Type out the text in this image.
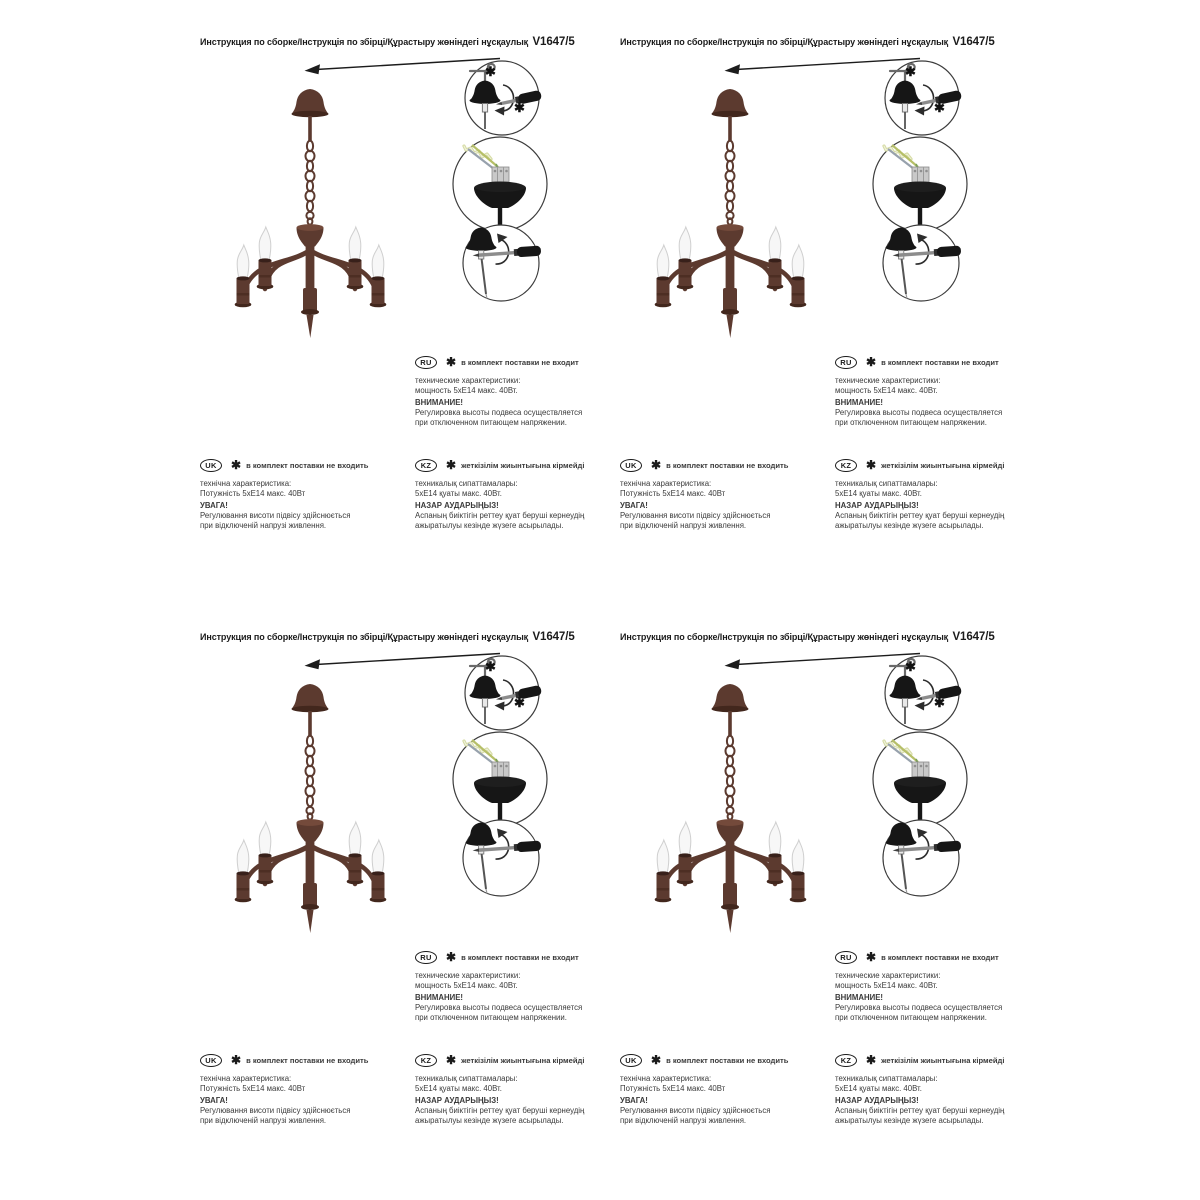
Инструкция по сборке/Інструкція по збірці/Құрастыру жөніндегі нұсқаулық V1647/5
✱
✱
RU	✱ в комплект поставки не входит

технические характеристики:

мощность 5хЕ14 макс. 40Вт.

ВНИМАНИЕ!

Регулировка высоты подвеса осуществляется

при отключенном питающем напряжении.

UK	✱ в комплект поставки не входить

технічна характеристика:

Потужність 5хЕ14 макс. 40Вт

УВАГА!

Регулювання висоти підвісу здійснюється

при відключеній напрузі живлення.

KZ	✱ жеткізілім жиынтығына кірмейді

техникалық сипаттамалары:

5хЕ14 қуаты макс. 40Вт.

НАЗАР АУДАРЫҢЫЗ!

Аспаның биіктігін реттеу қуат беруші кернеудің

ажыратылуы кезінде жүзеге асырылады.

Инструкция по сборке/Інструкція по збірці/Құрастыру жөніндегі нұсқаулық V1647/5
✱
✱
RU	✱ в комплект поставки не входит

технические характеристики:

мощность 5хЕ14 макс. 40Вт.

ВНИМАНИЕ!

Регулировка высоты подвеса осуществляется

при отключенном питающем напряжении.

UK	✱ в комплект поставки не входить

технічна характеристика:

Потужність 5хЕ14 макс. 40Вт

УВАГА!

Регулювання висоти підвісу здійснюється

при відключеній напрузі живлення.

KZ	✱ жеткізілім жиынтығына кірмейді

техникалық сипаттамалары:

5хЕ14 қуаты макс. 40Вт.

НАЗАР АУДАРЫҢЫЗ!

Аспаның биіктігін реттеу қуат беруші кернеудің

ажыратылуы кезінде жүзеге асырылады.

Инструкция по сборке/Інструкція по збірці/Құрастыру жөніндегі нұсқаулық V1647/5
✱
✱
RU	✱ в комплект поставки не входит

технические характеристики:

мощность 5хЕ14 макс. 40Вт.

ВНИМАНИЕ!

Регулировка высоты подвеса осуществляется

при отключенном питающем напряжении.

UK	✱ в комплект поставки не входить

технічна характеристика:

Потужність 5хЕ14 макс. 40Вт

УВАГА!

Регулювання висоти підвісу здійснюється

при відключеній напрузі живлення.

KZ	✱ жеткізілім жиынтығына кірмейді

техникалық сипаттамалары:

5хЕ14 қуаты макс. 40Вт.

НАЗАР АУДАРЫҢЫЗ!

Аспаның биіктігін реттеу қуат беруші кернеудің

ажыратылуы кезінде жүзеге асырылады.

Инструкция по сборке/Інструкція по збірці/Құрастыру жөніндегі нұсқаулық V1647/5
✱
✱
RU	✱ в комплект поставки не входит

технические характеристики:

мощность 5хЕ14 макс. 40Вт.

ВНИМАНИЕ!

Регулировка высоты подвеса осуществляется

при отключенном питающем напряжении.

UK	✱ в комплект поставки не входить

технічна характеристика:

Потужність 5хЕ14 макс. 40Вт

УВАГА!

Регулювання висоти підвісу здійснюється

при відключеній напрузі живлення.

KZ	✱ жеткізілім жиынтығына кірмейді

техникалық сипаттамалары:

5хЕ14 қуаты макс. 40Вт.

НАЗАР АУДАРЫҢЫЗ!

Аспаның биіктігін реттеу қуат беруші кернеудің

ажыратылуы кезінде жүзеге асырылады.
